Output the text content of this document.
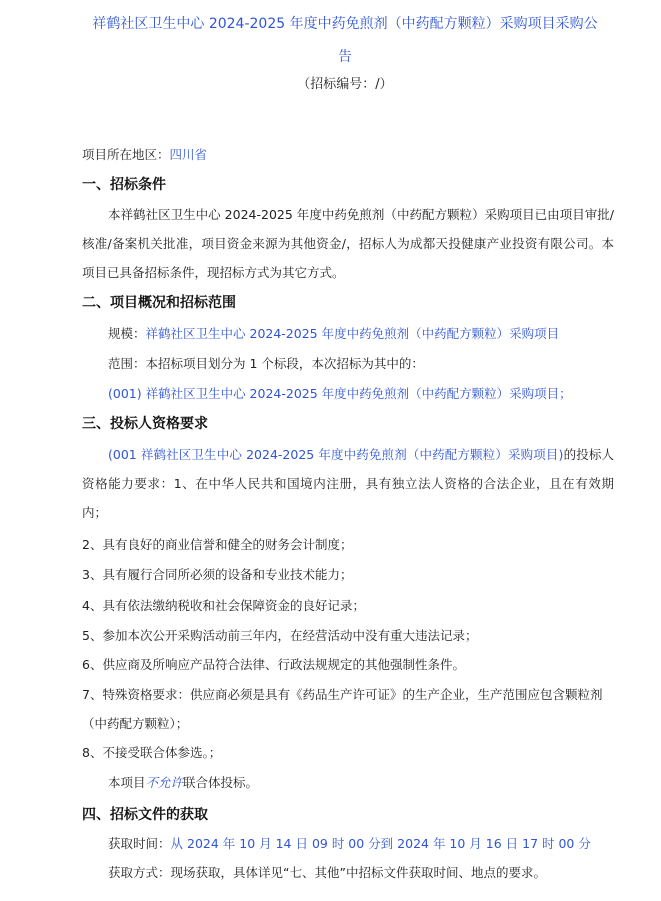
祥鹤社区卫生中心 2024-2025 年度中药免煎剂（中药配方颗粒）采购项目采购公
告
（招标编号：/）
项目所在地区：四川省
一、招标条件
本祥鹤社区卫生中心 2024-2025 年度中药免煎剂（中药配方颗粒）采购项目已由项目审批/核准/备案机关批准，项目资金来源为其他资金/，招标人为成都天投健康产业投资有限公司。本项目已具备招标条件，现招标方式为其它方式。
二、项目概况和招标范围
规模：祥鹤社区卫生中心 2024-2025 年度中药免煎剂（中药配方颗粒）采购项目
范围：本招标项目划分为 1 个标段，本次招标为其中的：
(001) 祥鹤社区卫生中心 2024-2025 年度中药免煎剂（中药配方颗粒）采购项目；
三、投标人资格要求
(001 祥鹤社区卫生中心 2024-2025 年度中药免煎剂（中药配方颗粒）采购项目)的投标人资格能力要求：1、在中华人民共和国境内注册，具有独立法人资格的合法企业，且在有效期内；
2、具有良好的商业信誉和健全的财务会计制度；
3、具有履行合同所必须的设备和专业技术能力；
4、具有依法缴纳税收和社会保障资金的良好记录；
5、参加本次公开采购活动前三年内，在经营活动中没有重大违法记录；
6、供应商及所响应产品符合法律、行政法规规定的其他强制性条件。
7、特殊资格要求：供应商必须是具有《药品生产许可证》的生产企业，生产范围应包含颗粒剂（中药配方颗粒）；
8、不接受联合体参选。；
本项目不允许联合体投标。
四、招标文件的获取
获取时间：从 2024 年 10 月 14 日 09 时 00 分到 2024 年 10 月 16 日 17 时 00 分
获取方式：现场获取，具体详见“七、其他”中招标文件获取时间、地点的要求。
